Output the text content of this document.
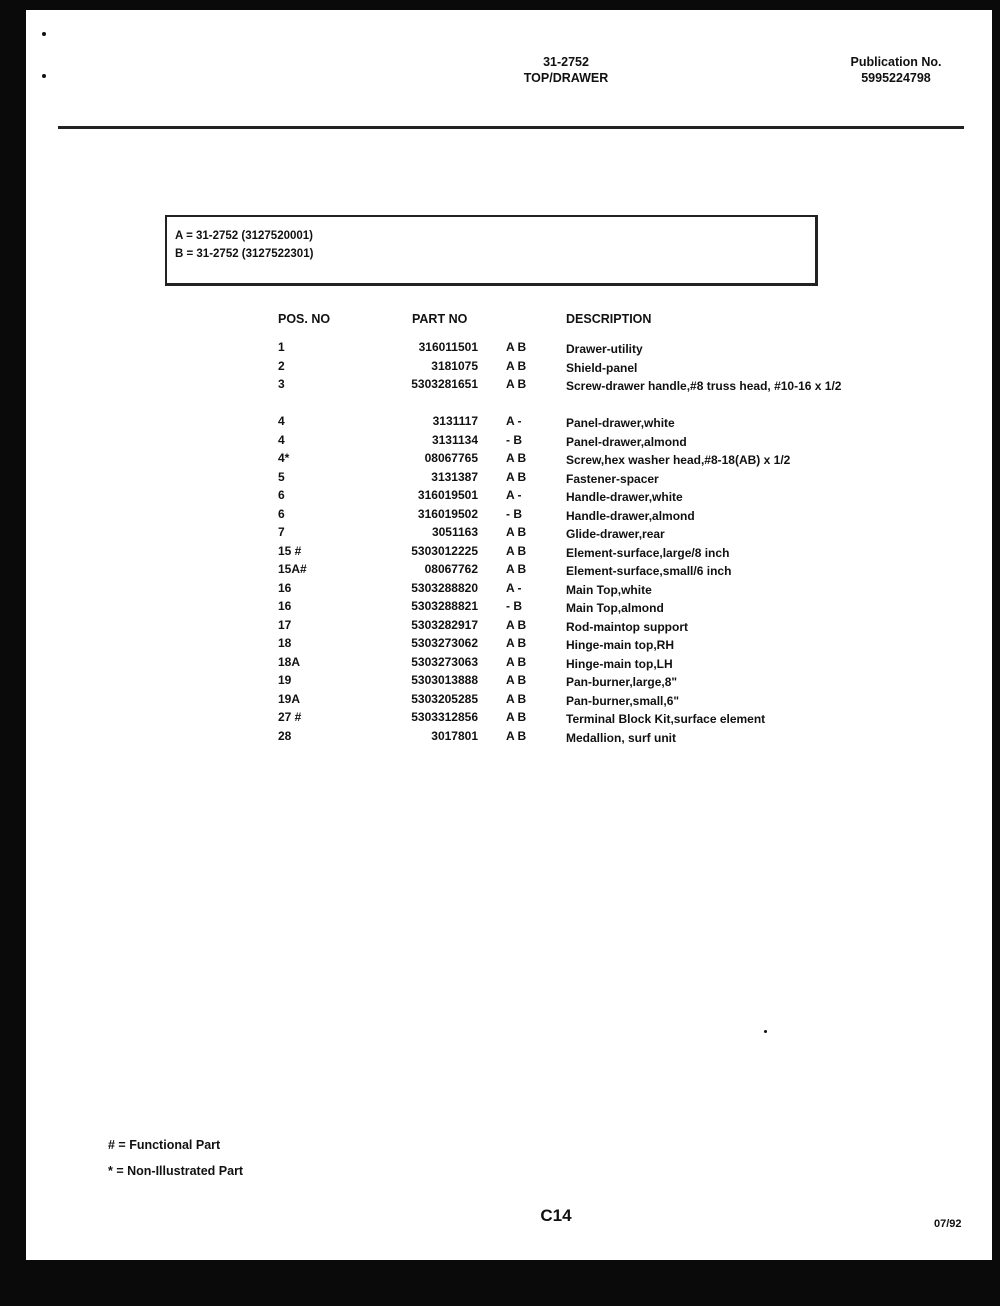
31-2752
TOP/DRAWER
Publication No.
5995224798
A = 31-2752 (3127520001)
B = 31-2752 (3127522301)
POS. NO	PART NO	DESCRIPTION
1	316011501 A B	Drawer-utility
2	3181075 A B	Shield-panel
3	5303281651 A B	Screw-drawer handle,#8 truss head, #10-16 x 1/2
4	3131117 A -	Panel-drawer,white
4	3131134 - B	Panel-drawer,almond
4*	08067765 A B	Screw,hex washer head,#8-18(AB) x 1/2
5	3131387 A B	Fastener-spacer
6	316019501 A -	Handle-drawer,white
6	316019502 - B	Handle-drawer,almond
7	3051163 A B	Glide-drawer,rear
15 #	5303012225 A B	Element-surface,large/8 inch
15A#	08067762 A B	Element-surface,small/6 inch
16	5303288820 A -	Main Top,white
16	5303288821 - B	Main Top,almond
17	5303282917 A B	Rod-maintop support
18	5303273062 A B	Hinge-main top,RH
18A	5303273063 A B	Hinge-main top,LH
19	5303013888 A B	Pan-burner,large,8"
19A	5303205285 A B	Pan-burner,small,6"
27 #	5303312856 A B	Terminal Block Kit,surface element
28	3017801 A B	Medallion, surf unit
# = Functional Part
* = Non-Illustrated Part
C14	07/92
